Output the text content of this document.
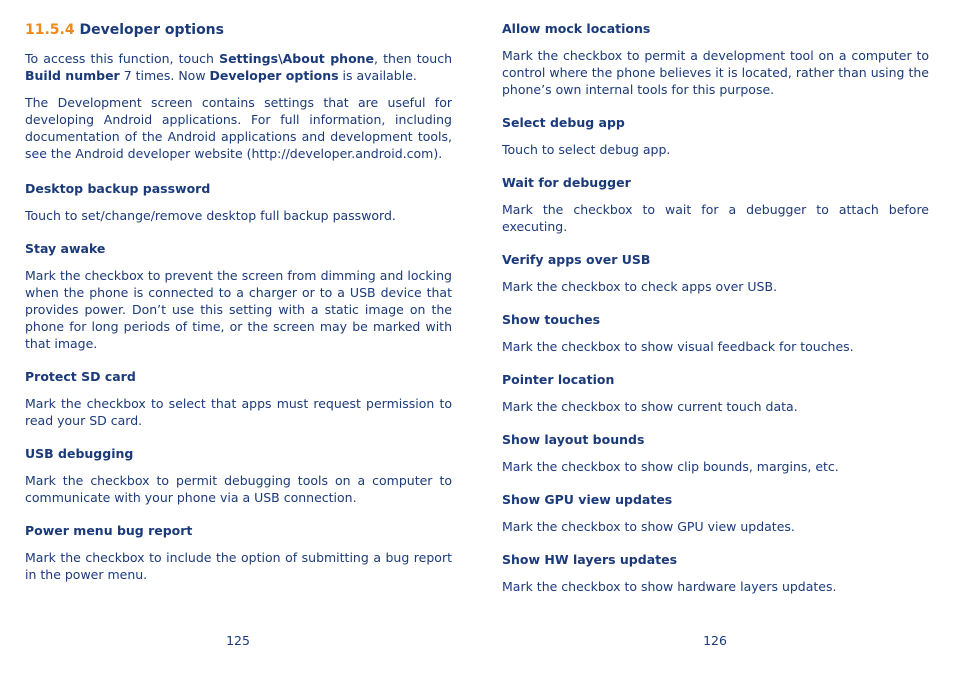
11.5.4 Developer options

To access this function, touch Settings\About phone, then touch Build number 7 times. Now Developer options is available.

The Development screen contains settings that are useful for developing Android applications. For full information, including documentation of the Android applications and development tools, see the Android developer website (http://developer.android.com).

Desktop backup password

Touch to set/change/remove desktop full backup password.

Stay awake

Mark the checkbox to prevent the screen from dimming and locking when the phone is connected to a charger or to a USB device that provides power. Don’t use this setting with a static image on the phone for long periods of time, or the screen may be marked with that image.

Protect SD card

Mark the checkbox to select that apps must request permission to read your SD card.

USB debugging

Mark the checkbox to permit debugging tools on a computer to communicate with your phone via a USB connection.

Power menu bug report

Mark the checkbox to include the option of submitting a bug report in the power menu.

Allow mock locations

Mark the checkbox to permit a development tool on a computer to control where the phone believes it is located, rather than using the phone’s own internal tools for this purpose.

Select debug app

Touch to select debug app.

Wait for debugger

Mark the checkbox to wait for a debugger to attach before executing.

Verify apps over USB

Mark the checkbox to check apps over USB.

Show touches

Mark the checkbox to show visual feedback for touches.

Pointer location

Mark the checkbox to show current touch data.

Show layout bounds

Mark the checkbox to show clip bounds, margins, etc.

Show GPU view updates

Mark the checkbox to show GPU view updates.

Show HW layers updates

Mark the checkbox to show hardware layers updates.

125	126
